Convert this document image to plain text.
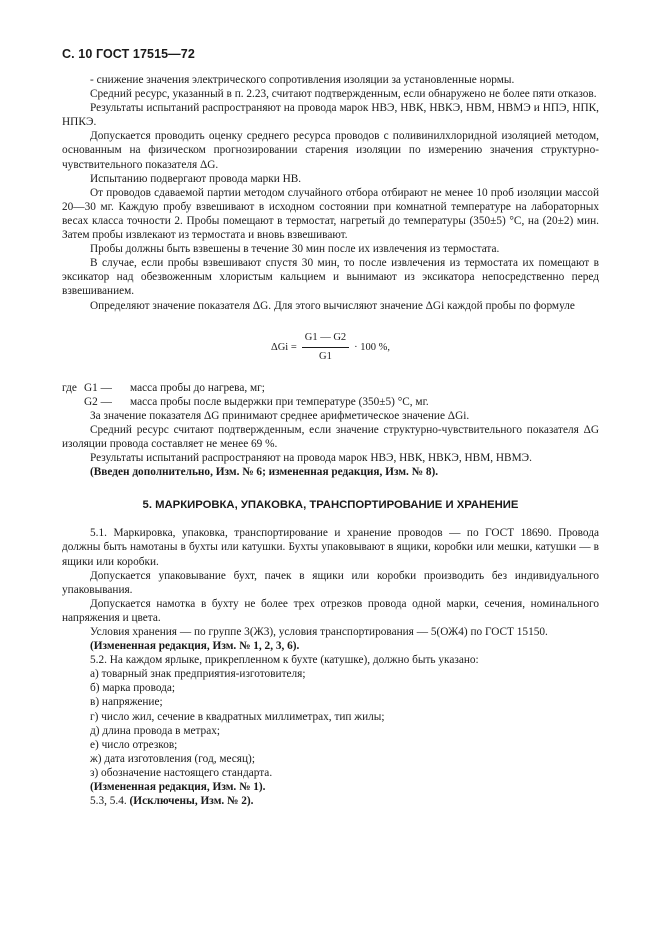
С. 10 ГОСТ 17515—72

- снижение значения электрического сопротивления изоляции за установленные нормы.

Средний ресурс, указанный в п. 2.23, считают подтвержденным, если обнаружено не более пяти отказов.

Результаты испытаний распространяют на провода марок НВЭ, НВК, НВКЭ, НВМ, НВМЭ и НПЭ, НПК, НПКЭ.

Допускается проводить оценку среднего ресурса проводов с поливинилхлоридной изоляцией методом, основанным на физическом прогнозировании старения изоляции по измерению значения структурно-чувствительного показателя ΔG.

Испытанию подвергают провода марки НВ.

От проводов сдаваемой партии методом случайного отбора отбирают не менее 10 проб изоляции массой 20—30 мг. Каждую пробу взвешивают в исходном состоянии при комнатной температуре на лабораторных весах класса точности 2. Пробы помещают в термостат, нагретый до температуры (350±5) °С, на (20±2) мин. Затем пробы извлекают из термостата и вновь взвешивают.

Пробы должны быть взвешены в течение 30 мин после их извлечения из термостата.

В случае, если пробы взвешивают спустя 30 мин, то после извлечения из термостата их помещают в эксикатор над обезвоженным хлористым кальцием и вынимают из эксикатора непосредственно перед взвешиванием.

Определяют значение показателя ΔG. Для этого вычисляют значение ΔGi каждой пробы по формуле

$\Delta Gi = \frac{G1 — G2}{G1} \cdot 100$ %,
где G1 —	масса пробы до нагрева, мг;
G2 —	масса пробы после выдержки при температуре (350±5) °С, мг.

За значение показателя ΔG принимают среднее арифметическое значение ΔGi.

Средний ресурс считают подтвержденным, если значение структурно-чувствительного показателя ΔG изоляции провода составляет не менее 69 %.

Результаты испытаний распространяют на провода марок НВЭ, НВК, НВКЭ, НВМ, НВМЭ.

(Введен дополнительно, Изм. № 6; измененная редакция, Изм. № 8).

5. МАРКИРОВКА, УПАКОВКА, ТРАНСПОРТИРОВАНИЕ И ХРАНЕНИЕ

5.1. Маркировка, упаковка, транспортирование и хранение проводов — по ГОСТ 18690. Провода должны быть намотаны в бухты или катушки. Бухты упаковывают в ящики, коробки или мешки, катушки — в ящики или коробки.

Допускается упаковывание бухт, пачек в ящики или коробки производить без индивидуального упаковывания.

Допускается намотка в бухту не более трех отрезков провода одной марки, сечения, номинального напряжения и цвета.

Условия хранения — по группе 3(Ж3), условия транспортирования — 5(ОЖ4) по ГОСТ 15150.

(Измененная редакция, Изм. № 1, 2, 3, 6).

5.2. На каждом ярлыке, прикрепленном к бухте (катушке), должно быть указано:

а) товарный знак предприятия-изготовителя;

б) марка провода;

в) напряжение;

г) число жил, сечение в квадратных миллиметрах, тип жилы;

д) длина провода в метрах;

е) число отрезков;

ж) дата изготовления (год, месяц);

з) обозначение настоящего стандарта.

(Измененная редакция, Изм. № 1).

5.3, 5.4. (Исключены, Изм. № 2).
